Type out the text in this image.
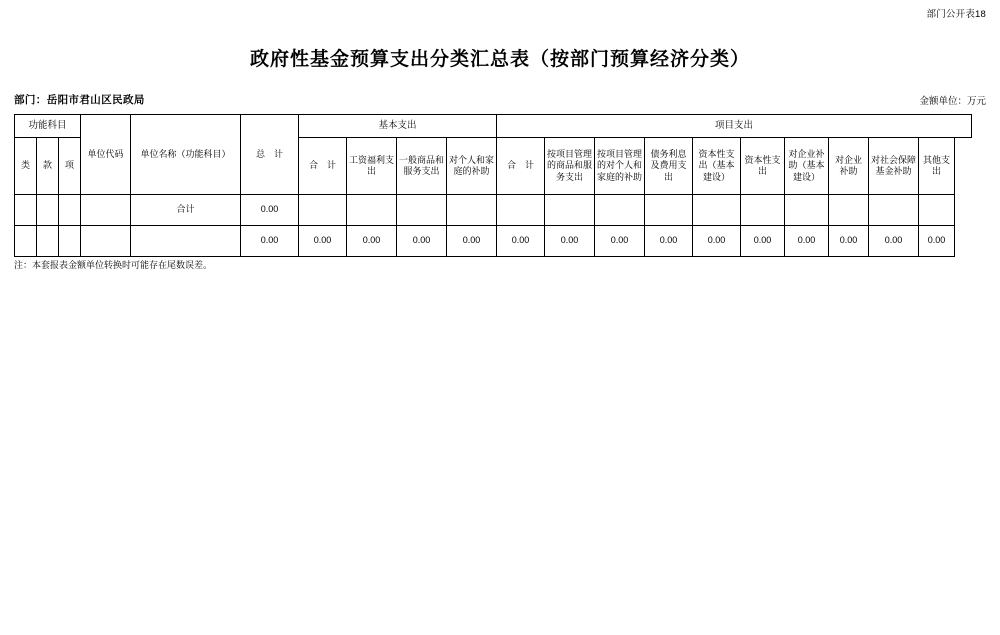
部门公开表18
政府性基金预算支出分类汇总表（按部门预算经济分类）
部门：岳阳市君山区民政局	金额单位：万元
功能科目			单位代码	单位名称（功能科目）	总　计	基本支出				项目支出									
类	款	项				合　计	工资福利支出	一般商品和服务支出	对个人和家庭的补助	合　计	按项目管理的商品和服务支出	按项目管理的对个人和家庭的补助	债务利息及费用支出	资本性支出（基本建设）	资本性支出	对企业补助（基本建设）	对企业补助	对社会保障基金补助	其他支出
				合计	0.00														
					0.00	0.00	0.00	0.00	0.00	0.00	0.00	0.00	0.00	0.00	0.00	0.00	0.00	0.00	0.00
注：本套报表金额单位转换时可能存在尾数误差。
